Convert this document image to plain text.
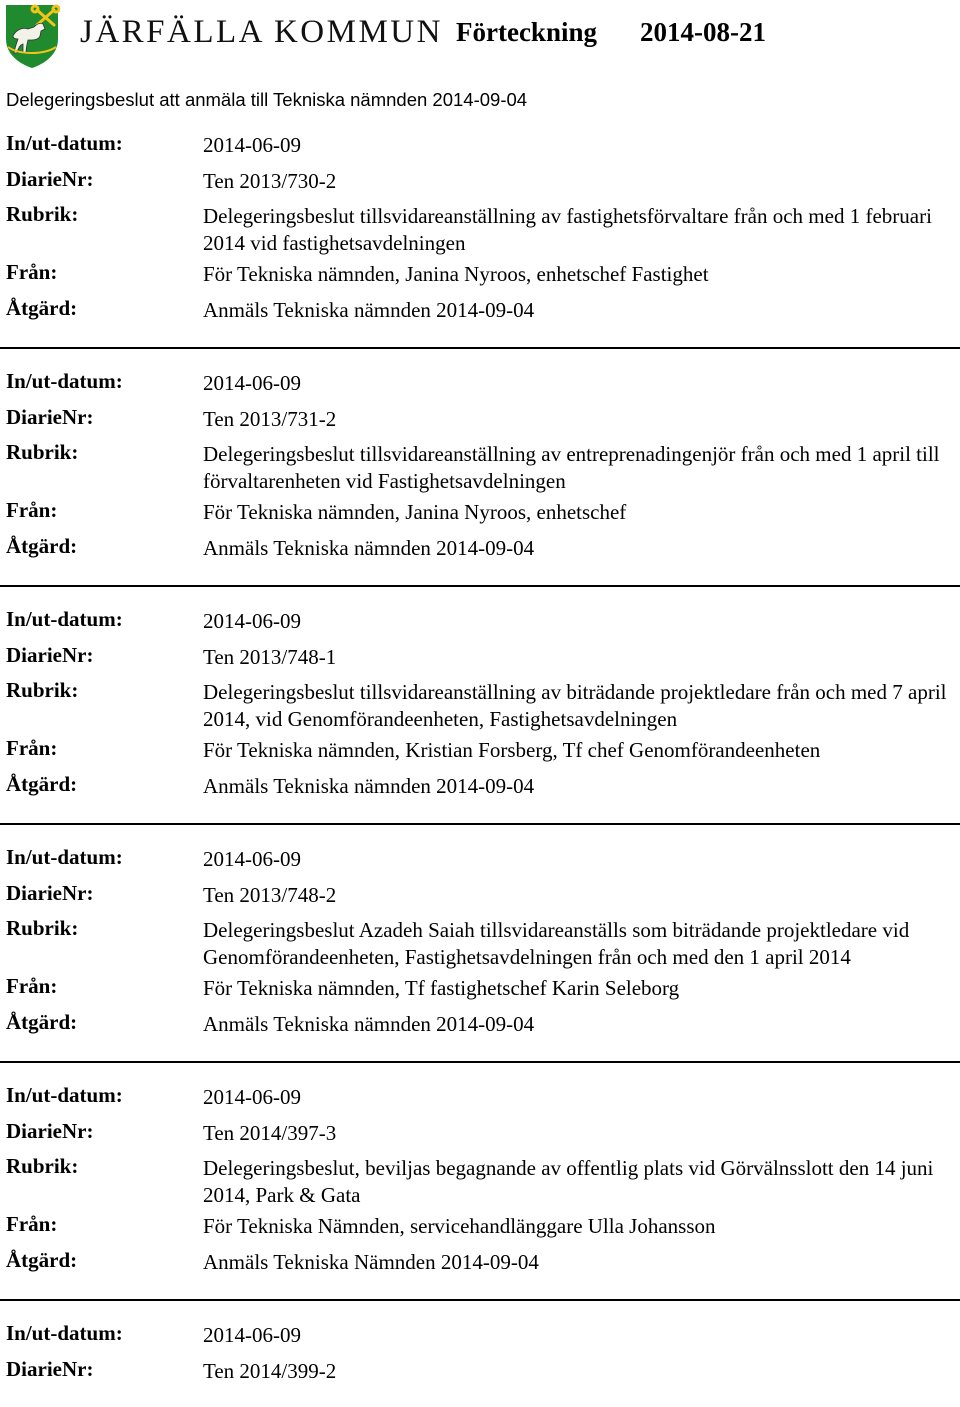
JÄRFÄLLA KOMMUN Förteckning 2014-08-21
Delegeringsbeslut att anmäla till Tekniska nämnden 2014-09-04
In/ut-datum:	2014-06-09
DiarieNr:	Ten 2013/730-2
Rubrik:	Delegeringsbeslut tillsvidareanställning av fastighetsförvaltare från och med 1 februari 2014 vid fastighetsavdelningen
Från:	För Tekniska nämnden, Janina Nyroos, enhetschef Fastighet
Åtgärd:	Anmäls Tekniska nämnden 2014-09-04
In/ut-datum:	2014-06-09
DiarieNr:	Ten 2013/731-2
Rubrik:	Delegeringsbeslut tillsvidareanställning av entreprenadingenjör från och med 1 april till förvaltarenheten vid Fastighetsavdelningen
Från:	För Tekniska nämnden, Janina Nyroos, enhetschef
Åtgärd:	Anmäls Tekniska nämnden 2014-09-04
In/ut-datum:	2014-06-09
DiarieNr:	Ten 2013/748-1
Rubrik:	Delegeringsbeslut tillsvidareanställning av biträdande projektledare från och med 7 april 2014, vid Genomförandeenheten, Fastighetsavdelningen
Från:	För Tekniska nämnden, Kristian Forsberg, Tf chef Genomförandeenheten
Åtgärd:	Anmäls Tekniska nämnden 2014-09-04
In/ut-datum:	2014-06-09
DiarieNr:	Ten 2013/748-2
Rubrik:	Delegeringsbeslut Azadeh Saiah tillsvidareanställs som biträdande projektledare vid Genomförandeenheten, Fastighetsavdelningen från och med den 1 april 2014
Från:	För Tekniska nämnden, Tf fastighetschef Karin Seleborg
Åtgärd:	Anmäls Tekniska nämnden 2014-09-04
In/ut-datum:	2014-06-09
DiarieNr:	Ten 2014/397-3
Rubrik:	Delegeringsbeslut, beviljas begagnande av offentlig plats vid Görvälnsslott den 14 juni 2014, Park & Gata
Från:	För Tekniska Nämnden, servicehandlänggare Ulla Johansson
Åtgärd:	Anmäls Tekniska Nämnden 2014-09-04
In/ut-datum:	2014-06-09
DiarieNr:	Ten 2014/399-2
